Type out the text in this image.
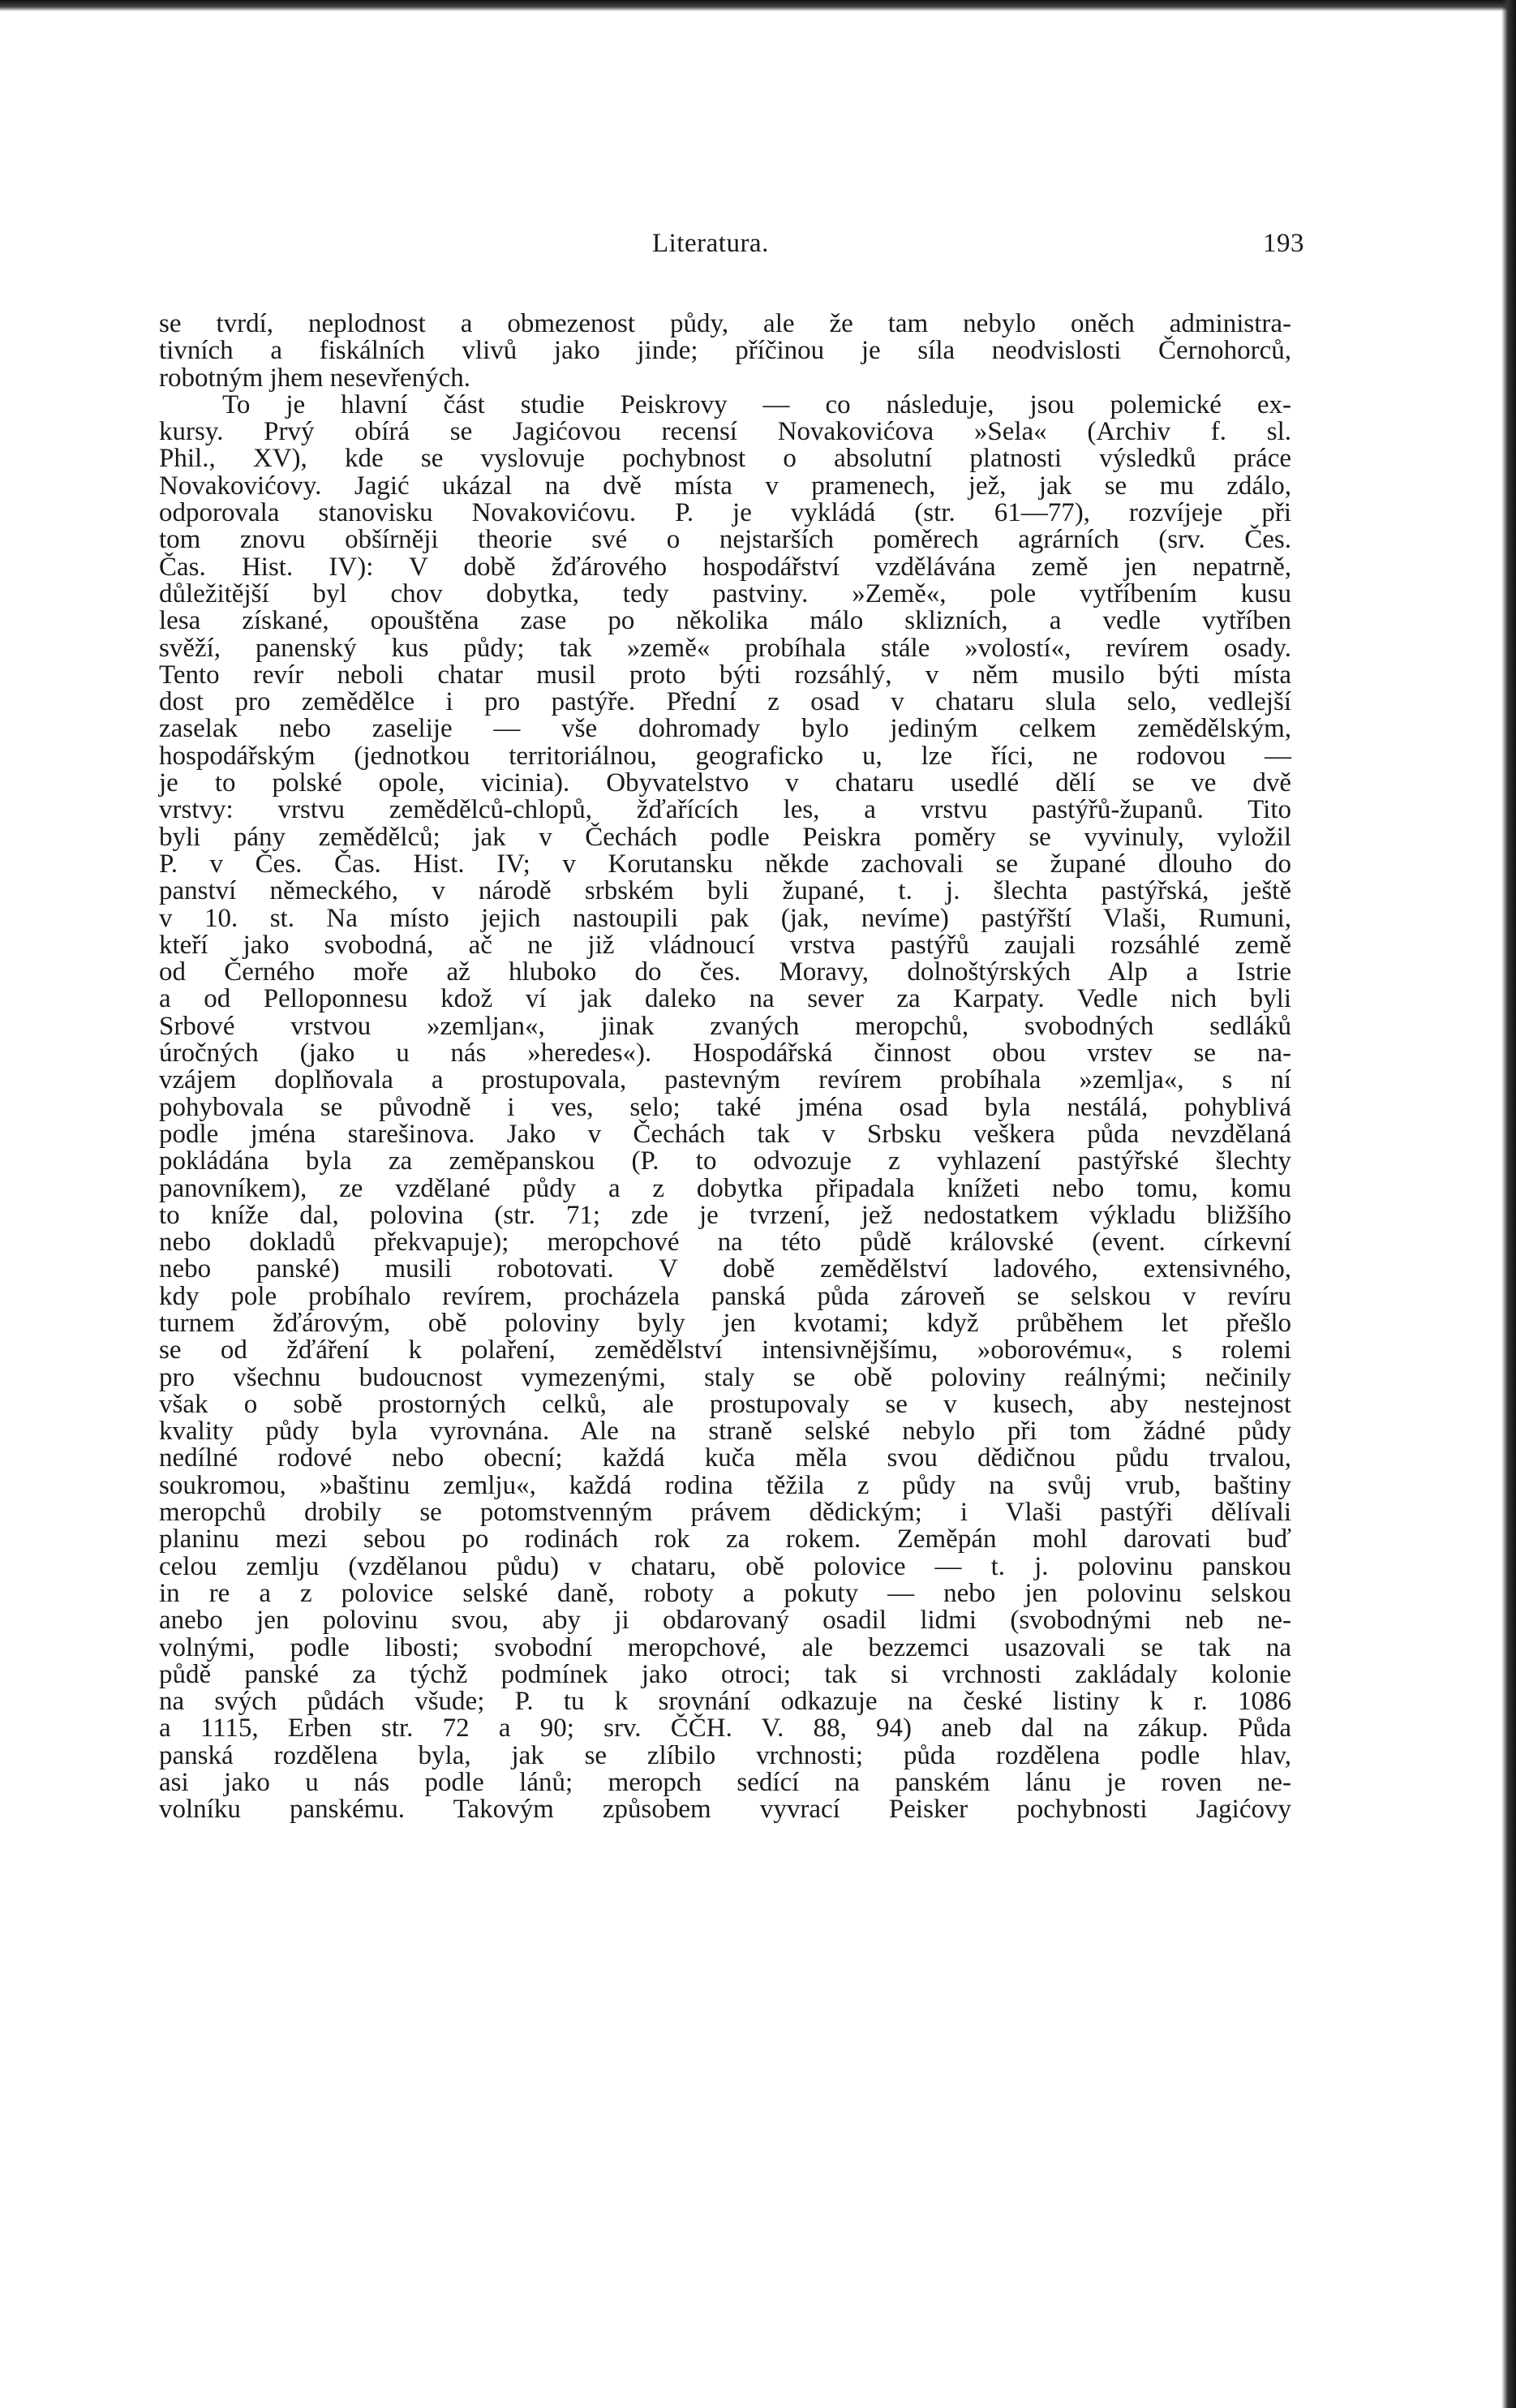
Literatura.	193
se tvrdí, neplodnost a obmezenost půdy, ale že tam nebylo oněch administra-
tivních a fiskálních vlivů jako jinde; příčinou je síla neodvislosti Černohorců,
robotným jhem nesevřených.
To je hlavní část studie Peiskrovy — co následuje, jsou polemické ex-
kursy. Prvý obírá se Jagićovou recensí Novakovićova »Sela« (Archiv f. sl.
Phil., XV), kde se vyslovuje pochybnost o absolutní platnosti výsledků práce
Novakovićovy. Jagić ukázal na dvě místa v pramenech, jež, jak se mu zdálo,
odporovala stanovisku Novakovićovu. P. je vykládá (str. 61—77), rozvíjeje při
tom znovu obšírněji theorie své o nejstarších poměrech agrárních (srv. Čes.
Čas. Hist. IV): V době žďárového hospodářství vzdělávána země jen nepatrně,
důležitější byl chov dobytka, tedy pastviny. »Země«, pole vytříbením kusu
lesa získané, opouštěna zase po několika málo sklizních, a vedle vytříben
svěží, panenský kus půdy; tak »země« probíhala stále »volostí«, revírem osady.
Tento revír neboli chatar musil proto býti rozsáhlý, v něm musilo býti místa
dost pro zemědělce i pro pastýře. Přední z osad v chataru slula selo, vedlejší
zaselak nebo zaselije — vše dohromady bylo jediným celkem zemědělským,
hospodářským (jednotkou territoriálnou, geograficko u, lze říci, ne rodovou —
je to polské opole, vicinia). Obyvatelstvo v chataru usedlé dělí se ve dvě
vrstvy: vrstvu zemědělců-chlopů, žďařících les, a vrstvu pastýřů-županů. Tito
byli pány zemědělců; jak v Čechách podle Peiskra poměry se vyvinuly, vyložil
P. v Čes. Čas. Hist. IV; v Korutansku někde zachovali se župané dlouho do
panství německého, v národě srbském byli župané, t. j. šlechta pastýřská, ještě
v 10. st. Na místo jejich nastoupili pak (jak, nevíme) pastýřští Vlaši, Rumuni,
kteří jako svobodná, ač ne již vládnoucí vrstva pastýřů zaujali rozsáhlé země
od Černého moře až hluboko do čes. Moravy, dolnoštýrských Alp a Istrie
a od Pelloponnesu kdož ví jak daleko na sever za Karpaty. Vedle nich byli
Srbové vrstvou »zemljan«, jinak zvaných meropchů, svobodných sedláků
úročných (jako u nás »heredes«). Hospodářská činnost obou vrstev se na-
vzájem doplňovala a prostupovala, pastevným revírem probíhala »zemlja«, s ní
pohybovala se původně i ves, selo; také jména osad byla nestálá, pohyblivá
podle jména starešinova. Jako v Čechách tak v Srbsku veškera půda nevzdělaná
pokládána byla za zeměpanskou (P. to odvozuje z vyhlazení pastýřské šlechty
panovníkem), ze vzdělané půdy a z dobytka připadala knížeti nebo tomu, komu
to kníže dal, polovina (str. 71; zde je tvrzení, jež nedostatkem výkladu bližšího
nebo dokladů překvapuje); meropchové na této půdě královské (event. církevní
nebo panské) musili robotovati. V době zemědělství ladového, extensivného,
kdy pole probíhalo revírem, procházela panská půda zároveň se selskou v revíru
turnem žďárovým, obě poloviny byly jen kvotami; když průběhem let přešlo
se od žďáření k polaření, zemědělství intensivnějšímu, »oborovému«, s rolemi
pro všechnu budoucnost vymezenými, staly se obě poloviny reálnými; nečinily
však o sobě prostorných celků, ale prostupovaly se v kusech, aby nestejnost
kvality půdy byla vyrovnána. Ale na straně selské nebylo při tom žádné půdy
nedílné rodové nebo obecní; každá kuča měla svou dědičnou půdu trvalou,
soukromou, »baštinu zemlju«, každá rodina těžila z půdy na svůj vrub, baštiny
meropchů drobily se potomstvenným právem dědickým; i Vlaši pastýři dělívali
planinu mezi sebou po rodinách rok za rokem. Zeměpán mohl darovati buď
celou zemlju (vzdělanou půdu) v chataru, obě polovice — t. j. polovinu panskou
in re a z polovice selské daně, roboty a pokuty — nebo jen polovinu selskou
anebo jen polovinu svou, aby ji obdarovaný osadil lidmi (svobodnými neb ne-
volnými, podle libosti; svobodní meropchové, ale bezzemci usazovali se tak na
půdě panské za týchž podmínek jako otroci; tak si vrchnosti zakládaly kolonie
na svých půdách všude; P. tu k srovnání odkazuje na české listiny k r. 1086
a 1115, Erben str. 72 a 90; srv. ČČH. V. 88, 94) aneb dal na zákup. Půda
panská rozdělena byla, jak se zlíbilo vrchnosti; půda rozdělena podle hlav,
asi jako u nás podle lánů; meropch sedící na panském lánu je roven ne-
volníku panskému. Takovým způsobem vyvrací Peisker pochybnosti Jagićovy
